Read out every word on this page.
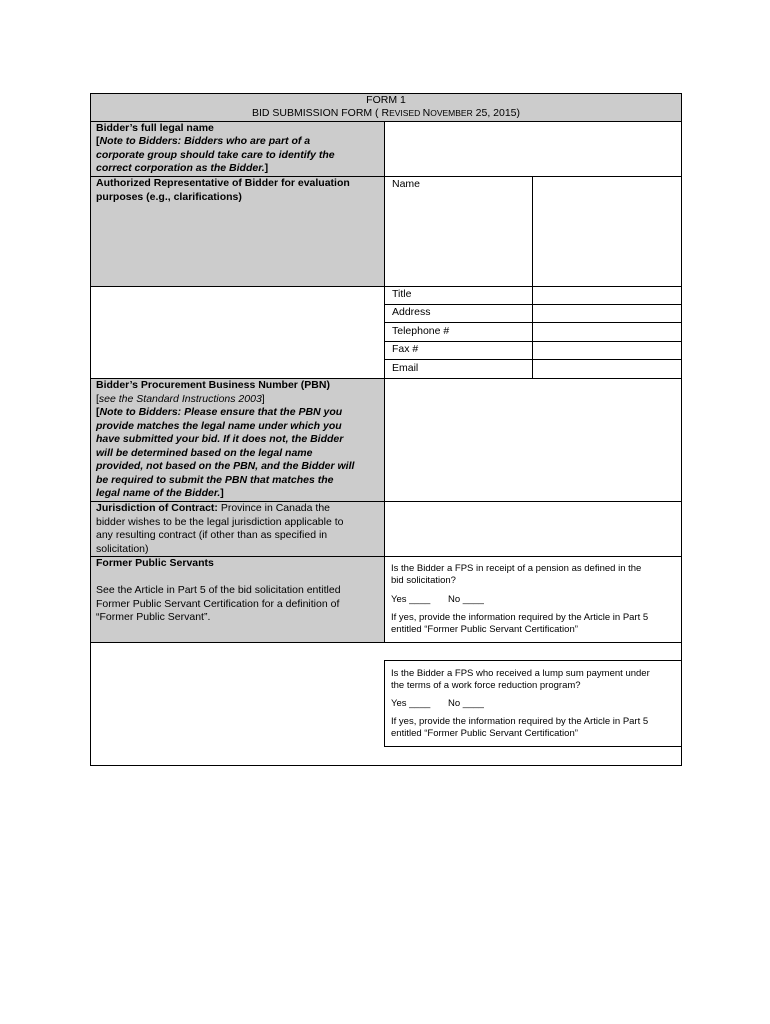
FORM 1
BID SUBMISSION FORM ( REVISED NOVEMBER 25, 2015)
Bidder’s full legal name
[Note to Bidders: Bidders who are part of a
corporate group should take care to identify the
correct corporation as the Bidder.]
Authorized Representative of Bidder for evaluation
purposes (e.g., clarifications)
Name
Title
Address
Telephone #
Fax #
Email
Bidder’s Procurement Business Number (PBN)
[see the Standard Instructions 2003]
[Note to Bidders: Please ensure that the PBN you
provide matches the legal name under which you
have submitted your bid. If it does not, the Bidder
will be determined based on the legal name
provided, not based on the PBN, and the Bidder will
be required to submit the PBN that matches the
legal name of the Bidder.]
Jurisdiction of Contract: Province in Canada the
bidder wishes to be the legal jurisdiction applicable to
any resulting contract (if other than as specified in
solicitation)
Former Public Servants
See the Article in Part 5 of the bid solicitation entitled
Former Public Servant Certification for a definition of
“Former Public Servant”.
Is the Bidder a FPS in receipt of a pension as defined in the
bid solicitation?
Yes ____ No ____
If yes, provide the information required by the Article in Part 5
entitled “Former Public Servant Certification”
Is the Bidder a FPS who received a lump sum payment under
the terms of a work force reduction program?
Yes ____ No ____
If yes, provide the information required by the Article in Part 5
entitled “Former Public Servant Certification”
